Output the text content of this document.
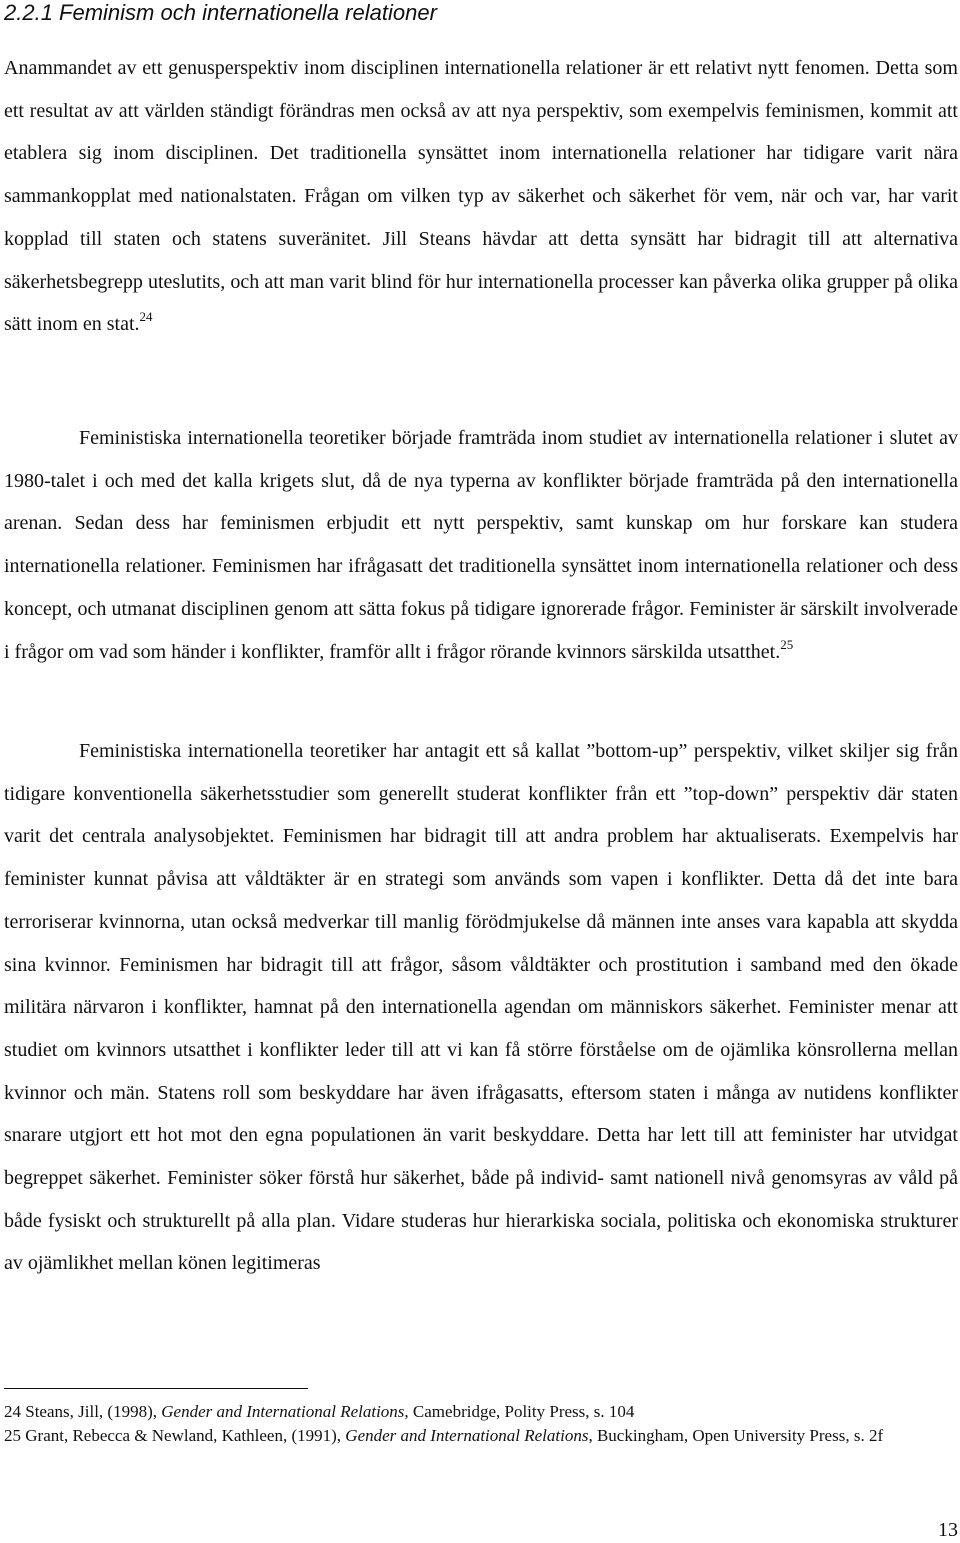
2.2.1 Feminism och internationella relationer

Anammandet av ett genusperspektiv inom disciplinen internationella relationer är ett relativt nytt fenomen. Detta som ett resultat av att världen ständigt förändras men också av att nya perspektiv, som exempelvis feminismen, kommit att etablera sig inom disciplinen. Det traditionella synsättet inom internationella relationer har tidigare varit nära sammankopplat med nationalstaten. Frågan om vilken typ av säkerhet och säkerhet för vem, när och var, har varit kopplad till staten och statens suveränitet. Jill Steans hävdar att detta synsätt har bidragit till att alternativa säkerhetsbegrepp uteslutits, och att man varit blind för hur internationella processer kan påverka olika grupper på olika sätt inom en stat.$^{24}$

Feministiska internationella teoretiker började framträda inom studiet av internationella relationer i slutet av 1980-talet i och med det kalla krigets slut, då de nya typerna av konflikter började framträda på den internationella arenan. Sedan dess har feminismen erbjudit ett nytt perspektiv, samt kunskap om hur forskare kan studera internationella relationer. Feminismen har ifrågasatt det traditionella synsättet inom internationella relationer och dess koncept, och utmanat disciplinen genom att sätta fokus på tidigare ignorerade frågor. Feminister är särskilt involverade i frågor om vad som händer i konflikter, framför allt i frågor rörande kvinnors särskilda utsatthet.$^{25}$

Feministiska internationella teoretiker har antagit ett så kallat ”bottom-up” perspektiv, vilket skiljer sig från tidigare konventionella säkerhetsstudier som generellt studerat konflikter från ett ”top-down” perspektiv där staten varit det centrala analysobjektet. Feminismen har bidragit till att andra problem har aktualiserats. Exempelvis har feminister kunnat påvisa att våldtäkter är en strategi som används som vapen i konflikter. Detta då det inte bara terroriserar kvinnorna, utan också medverkar till manlig förödmjukelse då männen inte anses vara kapabla att skydda sina kvinnor. Feminismen har bidragit till att frågor, såsom våldtäkter och prostitution i samband med den ökade militära närvaron i konflikter, hamnat på den internationella agendan om människors säkerhet. Feminister menar att studiet om kvinnors utsatthet i konflikter leder till att vi kan få större förståelse om de ojämlika könsrollerna mellan kvinnor och män. Statens roll som beskyddare har även ifrågasatts, eftersom staten i många av nutidens konflikter snarare utgjort ett hot mot den egna populationen än varit beskyddare. Detta har lett till att feminister har utvidgat begreppet säkerhet. Feminister söker förstå hur säkerhet, både på individ- samt nationell nivå genomsyras av våld på både fysiskt och strukturellt på alla plan. Vidare studeras hur hierarkiska sociala, politiska och ekonomiska strukturer av ojämlikhet mellan könen legitimeras

24 Steans, Jill, (1998), Gender and International Relations, Camebridge, Polity Press, s. 104

25 Grant, Rebecca & Newland, Kathleen, (1991), Gender and International Relations, Buckingham, Open University Press, s. 2f

13
